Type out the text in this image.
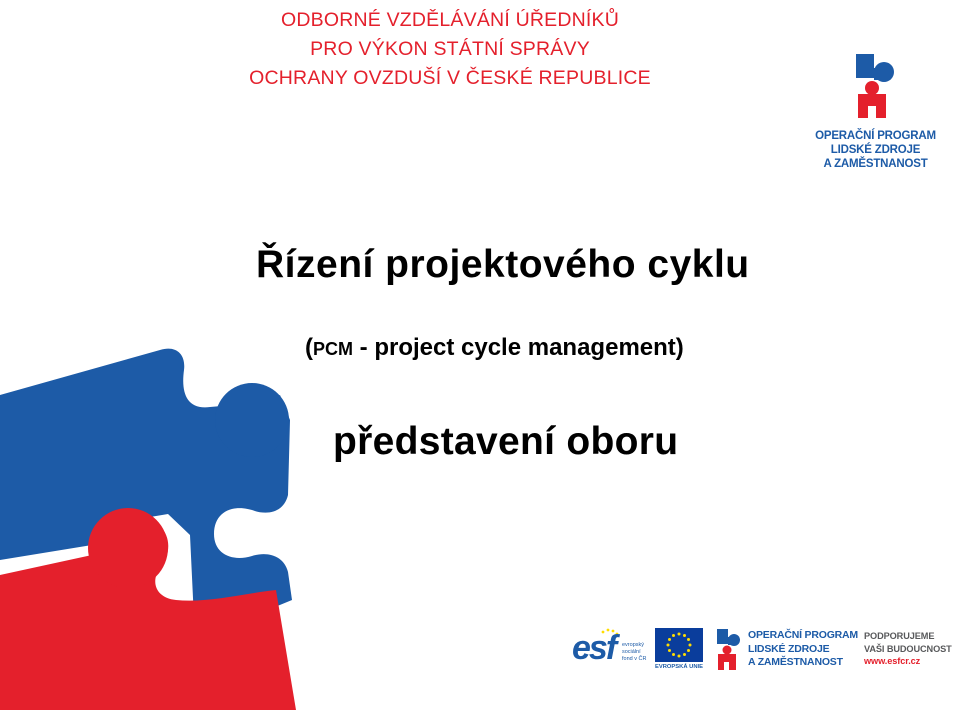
ODBORNÉ VZDĚLÁVÁNÍ ÚŘEDNÍKŮ
PRO VÝKON STÁTNÍ SPRÁVY
OCHRANY OVZDUŠÍ V ČESKÉ REPUBLICE
OPERAČNÍ PROGRAM
LIDSKÉ ZDROJE
A ZAMĚSTNANOST
Řízení projektového cyklu
(PCM - project cycle management)
představení oboru
esf evropský
sociální
fond v ČR
EVROPSKÁ UNIE
OPERAČNÍ PROGRAM
LIDSKÉ ZDROJE
A ZAMĚSTNANOST
PODPORUJEME
VAŠI BUDOUCNOST
www.esfcr.cz
